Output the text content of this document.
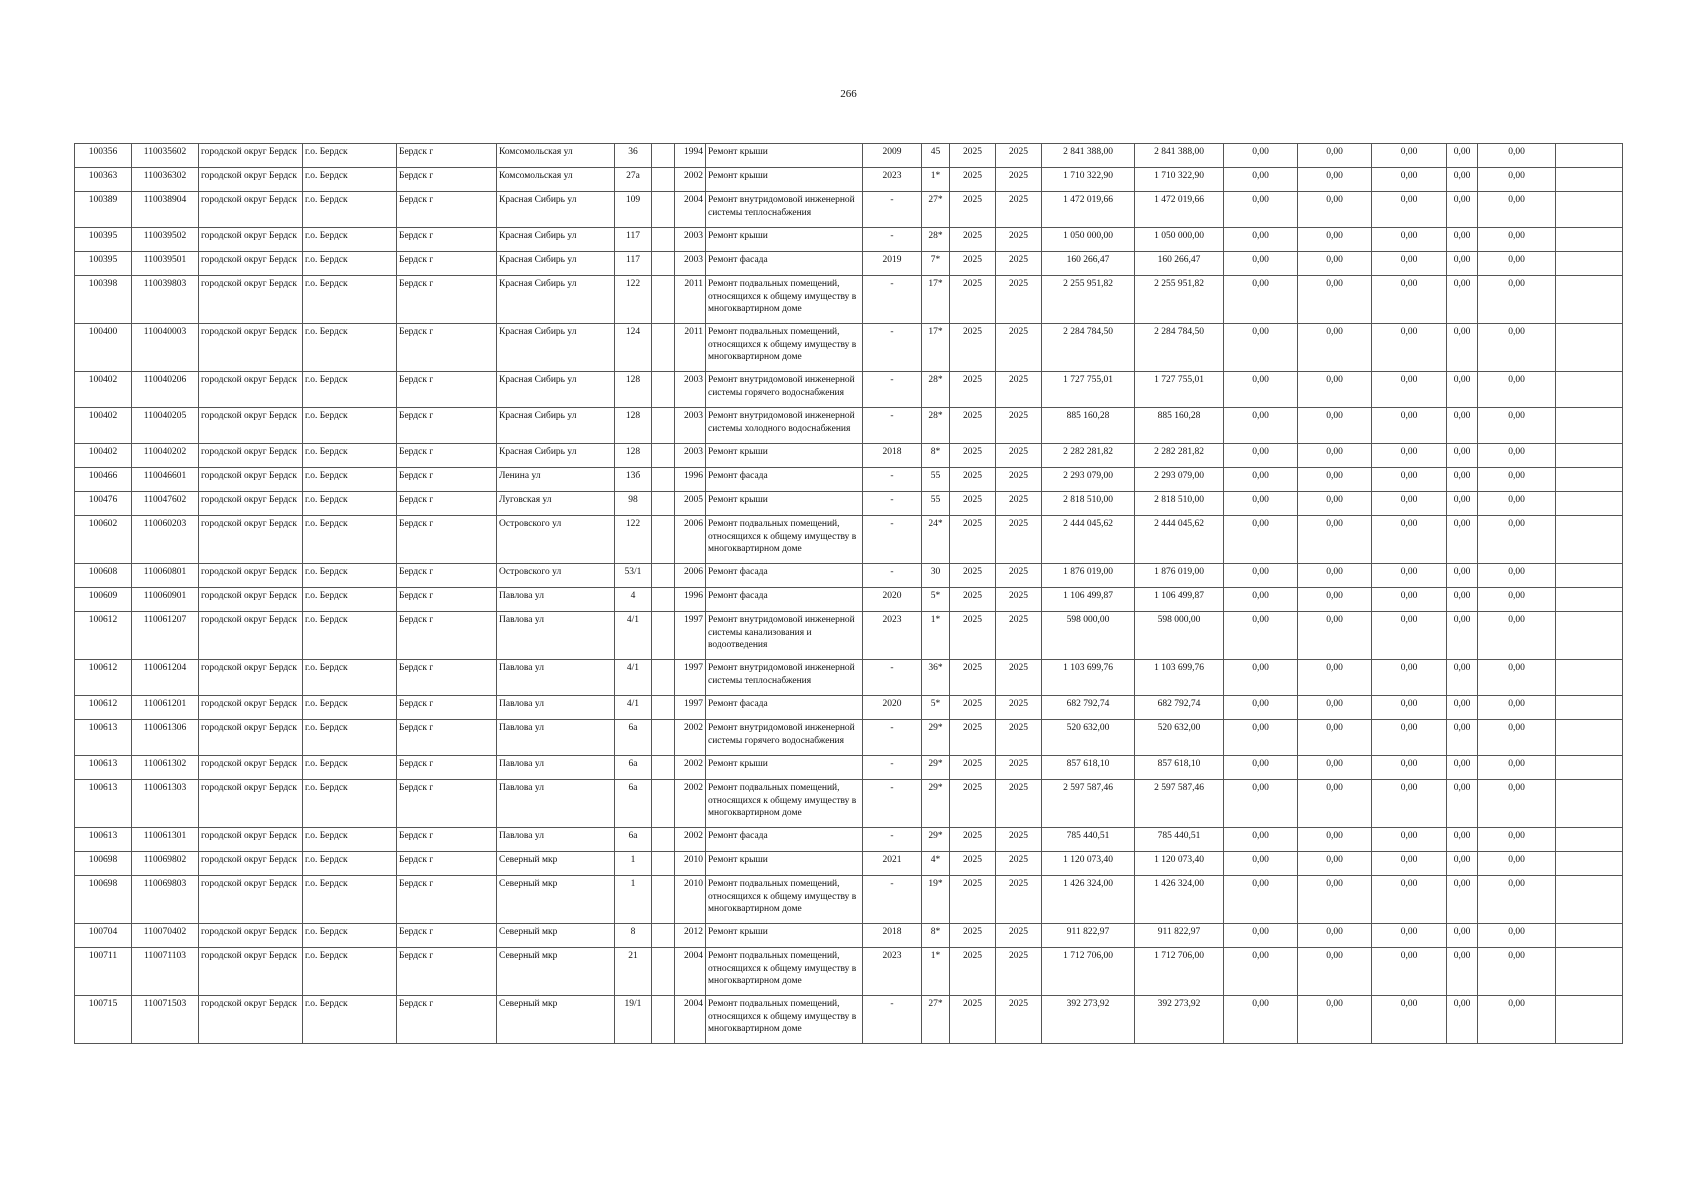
266
100356	110035602	городской округ Бердск	г.о. Бердск	Бердск г	Комсомольская ул	36		1994	Ремонт крыши	2009	45	2025	2025	2 841 388,00	2 841 388,00	0,00	0,00	0,00	0,00	0,00	
100363	110036302	городской округ Бердск	г.о. Бердск	Бердск г	Комсомольская ул	27а		2002	Ремонт крыши	2023	1*	2025	2025	1 710 322,90	1 710 322,90	0,00	0,00	0,00	0,00	0,00	
100389	110038904	городской округ Бердск	г.о. Бердск	Бердск г	Красная Сибирь ул	109		2004	Ремонт внутридомовой инженерной системы теплоснабжения	-	27*	2025	2025	1 472 019,66	1 472 019,66	0,00	0,00	0,00	0,00	0,00	
100395	110039502	городской округ Бердск	г.о. Бердск	Бердск г	Красная Сибирь ул	117		2003	Ремонт крыши	-	28*	2025	2025	1 050 000,00	1 050 000,00	0,00	0,00	0,00	0,00	0,00	
100395	110039501	городской округ Бердск	г.о. Бердск	Бердск г	Красная Сибирь ул	117		2003	Ремонт фасада	2019	7*	2025	2025	160 266,47	160 266,47	0,00	0,00	0,00	0,00	0,00	
100398	110039803	городской округ Бердск	г.о. Бердск	Бердск г	Красная Сибирь ул	122		2011	Ремонт подвальных помещений, относящихся к общему имуществу в многоквартирном доме	-	17*	2025	2025	2 255 951,82	2 255 951,82	0,00	0,00	0,00	0,00	0,00	
100400	110040003	городской округ Бердск	г.о. Бердск	Бердск г	Красная Сибирь ул	124		2011	Ремонт подвальных помещений, относящихся к общему имуществу в многоквартирном доме	-	17*	2025	2025	2 284 784,50	2 284 784,50	0,00	0,00	0,00	0,00	0,00	
100402	110040206	городской округ Бердск	г.о. Бердск	Бердск г	Красная Сибирь ул	128		2003	Ремонт внутридомовой инженерной системы горячего водоснабжения	-	28*	2025	2025	1 727 755,01	1 727 755,01	0,00	0,00	0,00	0,00	0,00	
100402	110040205	городской округ Бердск	г.о. Бердск	Бердск г	Красная Сибирь ул	128		2003	Ремонт внутридомовой инженерной системы холодного водоснабжения	-	28*	2025	2025	885 160,28	885 160,28	0,00	0,00	0,00	0,00	0,00	
100402	110040202	городской округ Бердск	г.о. Бердск	Бердск г	Красная Сибирь ул	128		2003	Ремонт крыши	2018	8*	2025	2025	2 282 281,82	2 282 281,82	0,00	0,00	0,00	0,00	0,00	
100466	110046601	городской округ Бердск	г.о. Бердск	Бердск г	Ленина ул	13б		1996	Ремонт фасада	-	55	2025	2025	2 293 079,00	2 293 079,00	0,00	0,00	0,00	0,00	0,00	
100476	110047602	городской округ Бердск	г.о. Бердск	Бердск г	Луговская ул	98		2005	Ремонт крыши	-	55	2025	2025	2 818 510,00	2 818 510,00	0,00	0,00	0,00	0,00	0,00	
100602	110060203	городской округ Бердск	г.о. Бердск	Бердск г	Островского ул	122		2006	Ремонт подвальных помещений, относящихся к общему имуществу в многоквартирном доме	-	24*	2025	2025	2 444 045,62	2 444 045,62	0,00	0,00	0,00	0,00	0,00	
100608	110060801	городской округ Бердск	г.о. Бердск	Бердск г	Островского ул	53/1		2006	Ремонт фасада	-	30	2025	2025	1 876 019,00	1 876 019,00	0,00	0,00	0,00	0,00	0,00	
100609	110060901	городской округ Бердск	г.о. Бердск	Бердск г	Павлова ул	4		1996	Ремонт фасада	2020	5*	2025	2025	1 106 499,87	1 106 499,87	0,00	0,00	0,00	0,00	0,00	
100612	110061207	городской округ Бердск	г.о. Бердск	Бердск г	Павлова ул	4/1		1997	Ремонт внутридомовой инженерной системы канализования и водоотведения	2023	1*	2025	2025	598 000,00	598 000,00	0,00	0,00	0,00	0,00	0,00	
100612	110061204	городской округ Бердск	г.о. Бердск	Бердск г	Павлова ул	4/1		1997	Ремонт внутридомовой инженерной системы теплоснабжения	-	36*	2025	2025	1 103 699,76	1 103 699,76	0,00	0,00	0,00	0,00	0,00	
100612	110061201	городской округ Бердск	г.о. Бердск	Бердск г	Павлова ул	4/1		1997	Ремонт фасада	2020	5*	2025	2025	682 792,74	682 792,74	0,00	0,00	0,00	0,00	0,00	
100613	110061306	городской округ Бердск	г.о. Бердск	Бердск г	Павлова ул	6а		2002	Ремонт внутридомовой инженерной системы горячего водоснабжения	-	29*	2025	2025	520 632,00	520 632,00	0,00	0,00	0,00	0,00	0,00	
100613	110061302	городской округ Бердск	г.о. Бердск	Бердск г	Павлова ул	6а		2002	Ремонт крыши	-	29*	2025	2025	857 618,10	857 618,10	0,00	0,00	0,00	0,00	0,00	
100613	110061303	городской округ Бердск	г.о. Бердск	Бердск г	Павлова ул	6а		2002	Ремонт подвальных помещений, относящихся к общему имуществу в многоквартирном доме	-	29*	2025	2025	2 597 587,46	2 597 587,46	0,00	0,00	0,00	0,00	0,00	
100613	110061301	городской округ Бердск	г.о. Бердск	Бердск г	Павлова ул	6а		2002	Ремонт фасада	-	29*	2025	2025	785 440,51	785 440,51	0,00	0,00	0,00	0,00	0,00	
100698	110069802	городской округ Бердск	г.о. Бердск	Бердск г	Северный мкр	1		2010	Ремонт крыши	2021	4*	2025	2025	1 120 073,40	1 120 073,40	0,00	0,00	0,00	0,00	0,00	
100698	110069803	городской округ Бердск	г.о. Бердск	Бердск г	Северный мкр	1		2010	Ремонт подвальных помещений, относящихся к общему имуществу в многоквартирном доме	-	19*	2025	2025	1 426 324,00	1 426 324,00	0,00	0,00	0,00	0,00	0,00	
100704	110070402	городской округ Бердск	г.о. Бердск	Бердск г	Северный мкр	8		2012	Ремонт крыши	2018	8*	2025	2025	911 822,97	911 822,97	0,00	0,00	0,00	0,00	0,00	
100711	110071103	городской округ Бердск	г.о. Бердск	Бердск г	Северный мкр	21		2004	Ремонт подвальных помещений, относящихся к общему имуществу в многоквартирном доме	2023	1*	2025	2025	1 712 706,00	1 712 706,00	0,00	0,00	0,00	0,00	0,00	
100715	110071503	городской округ Бердск	г.о. Бердск	Бердск г	Северный мкр	19/1		2004	Ремонт подвальных помещений, относящихся к общему имуществу в многоквартирном доме	-	27*	2025	2025	392 273,92	392 273,92	0,00	0,00	0,00	0,00	0,00	
